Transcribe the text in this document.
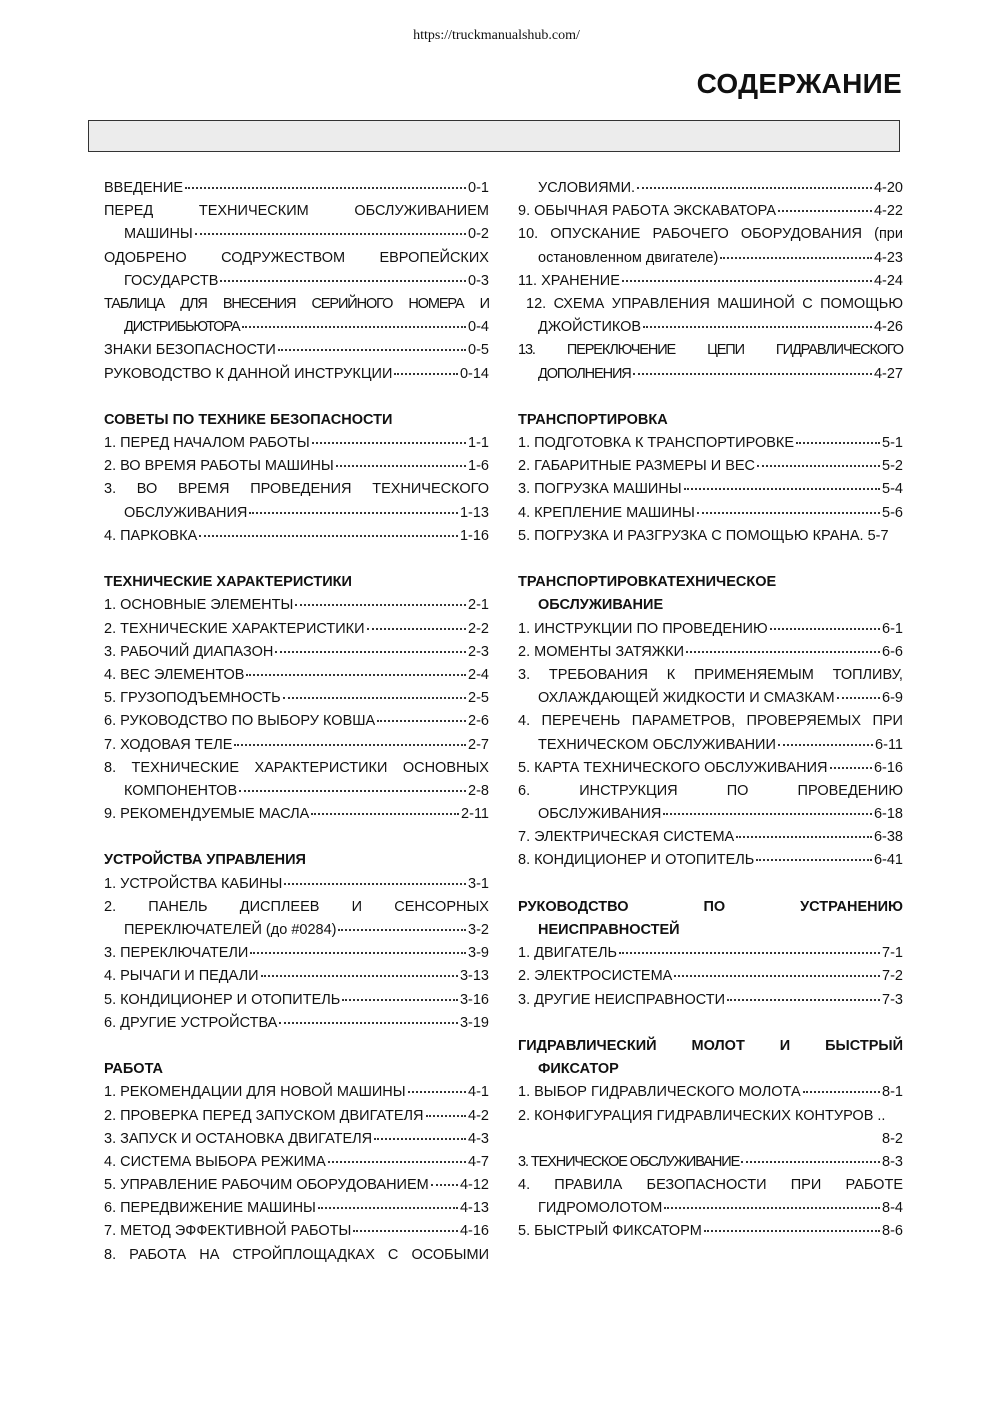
https://truckmanualshub.com/
СОДЕРЖАНИЕ
ВВЕДЕНИЕ	0-1
ПЕРЕД	ТЕХНИЧЕСКИМ	ОБСЛУЖИВАНИЕМ
МАШИНЫ	0-2
ОДОБРЕНО СОДРУЖЕСТВОМ ЕВРОПЕЙСКИХ
ГОСУДАРСТВ	0-3
ТАБЛИЦА ДЛЯ ВНЕСЕНИЯ СЕРИЙНОГО НОМЕРА И
ДИСТРИБЬЮТОРА	0-4
ЗНАКИ БЕЗОПАСНОСТИ	0-5
РУКОВОДСТВО К ДАННОЙ ИНСТРУКЦИИ	0-14
СОВЕТЫ ПО ТЕХНИКЕ БЕЗОПАСНОСТИ
1. ПЕРЕД НАЧАЛОМ РАБОТЫ	1-1
2. ВО ВРЕМЯ РАБОТЫ МАШИНЫ	1-6
3. ВО ВРЕМЯ ПРОВЕДЕНИЯ ТЕХНИЧЕСКОГО
ОБСЛУЖИВАНИЯ	1-13
4. ПАРКОВКА	1-16
ТЕХНИЧЕСКИЕ ХАРАКТЕРИСТИКИ
1. ОСНОВНЫЕ ЭЛЕМЕНТЫ	2-1
2. ТЕХНИЧЕСКИЕ ХАРАКТЕРИСТИКИ	2-2
3. РАБОЧИЙ ДИАПАЗОН	2-3
4. ВЕС ЭЛЕМЕНТОВ	2-4
5. ГРУЗОПОДЪЕМНОСТЬ	2-5
6. РУКОВОДСТВО ПО ВЫБОРУ КОВША	2-6
7. ХОДОВАЯ ТЕЛЕ	2-7
8. ТЕХНИЧЕСКИЕ ХАРАКТЕРИСТИКИ ОСНОВНЫХ
КОМПОНЕНТОВ	2-8
9. РЕКОМЕНДУЕМЫЕ МАСЛА	2-11
УСТРОЙСТВА УПРАВЛЕНИЯ
1. УСТРОЙСТВА КАБИНЫ	3-1
2. ПАНЕЛЬ ДИСПЛЕЕВ И СЕНСОРНЫХ
ПЕРЕКЛЮЧАТЕЛЕЙ (до #0284)	3-2
3. ПЕРЕКЛЮЧАТЕЛИ	3-9
4. РЫЧАГИ И ПЕДАЛИ	3-13
5. КОНДИЦИОНЕР И ОТОПИТЕЛЬ	3-16
6. ДРУГИЕ УСТРОЙСТВА	3-19
РАБОТА
1. РЕКОМЕНДАЦИИ ДЛЯ НОВОЙ МАШИНЫ	4-1
2. ПРОВЕРКА ПЕРЕД ЗАПУСКОМ ДВИГАТЕЛЯ	4-2
3. ЗАПУСК И ОСТАНОВКА ДВИГАТЕЛЯ	4-3
4. СИСТЕМА ВЫБОРА РЕЖИМА	4-7
5. УПРАВЛЕНИЕ РАБОЧИМ ОБОРУДОВАНИЕМ 4-12
6. ПЕРЕДВИЖЕНИЕ МАШИНЫ	4-13
7. МЕТОД ЭФФЕКТИВНОЙ РАБОТЫ	4-16
8. РАБОТА НА СТРОЙПЛОЩАДКАХ С ОСОБЫМИ
УСЛОВИЯМИ.	4-20
9. ОБЫЧНАЯ РАБОТА ЭКСКАВАТОРА	4-22
10. ОПУСКАНИЕ РАБОЧЕГО ОБОРУДОВАНИЯ (при
остановленном двигателе)	4-23
11. ХРАНЕНИЕ	4-24
12. СХЕМА УПРАВЛЕНИЯ МАШИНОЙ С ПОМОЩЬЮ
ДЖОЙСТИКОВ	4-26
13. ПЕРЕКЛЮЧЕНИЕ ЦЕПИ ГИДРАВЛИЧЕСКОГО
ДОПОЛНЕНИЯ	4-27
ТРАНСПОРТИРОВКА
1. ПОДГОТОВКА К ТРАНСПОРТИРОВКЕ	5-1
2. ГАБАРИТНЫЕ РАЗМЕРЫ И ВЕС	5-2
3. ПОГРУЗКА МАШИНЫ	5-4
4. КРЕПЛЕНИЕ МАШИНЫ	5-6
5. ПОГРУЗКА И РАЗГРУЗКА С ПОМОЩЬЮ КРАНА. 5-7
ТРАНСПОРТИРОВКАТЕХНИЧЕСКОЕ
ОБСЛУЖИВАНИЕ
1. ИНСТРУКЦИИ ПО ПРОВЕДЕНИЮ	6-1
2. МОМЕНТЫ ЗАТЯЖКИ	6-6
3. ТРЕБОВАНИЯ К ПРИМЕНЯЕМЫМ ТОПЛИВУ,
ОХЛАЖДАЮЩЕЙ ЖИДКОСТИ И СМАЗКАМ	6-9
4. ПЕРЕЧЕНЬ ПАРАМЕТРОВ, ПРОВЕРЯЕМЫХ ПРИ
ТЕХНИЧЕСКОМ ОБСЛУЖИВАНИИ	6-11
5. КАРТА ТЕХНИЧЕСКОГО ОБСЛУЖИВАНИЯ	6-16
6.	ИНСТРУКЦИЯ	ПО	ПРОВЕДЕНИЮ
ОБСЛУЖИВАНИЯ	6-18
7. ЭЛЕКТРИЧЕСКАЯ СИСТЕМА	6-38
8. КОНДИЦИОНЕР И ОТОПИТЕЛЬ	6-41
РУКОВОДСТВО	ПО	УСТРАНЕНИЮ
НЕИСПРАВНОСТЕЙ
1. ДВИГАТЕЛЬ	7-1
2. ЭЛЕКТРОСИСТЕМА	7-2
3. ДРУГИЕ НЕИСПРАВНОСТИ	7-3
ГИДРАВЛИЧЕСКИЙ МОЛОТ И БЫСТРЫЙ
ФИКСАТОР
1. ВЫБОР ГИДРАВЛИЧЕСКОГО МОЛОТА	8-1
2. КОНФИГУРАЦИЯ ГИДРАВЛИЧЕСКИХ КОНТУРОВ ..
8-2
3. ТЕХНИЧЕСКОЕ ОБСЛУЖИВАНИЕ	8-3
4. ПРАВИЛА БЕЗОПАСНОСТИ ПРИ РАБОТЕ
ГИДРОМОЛОТОМ	8-4
5. БЫСТРЫЙ ФИКСАТОРМ	8-6
